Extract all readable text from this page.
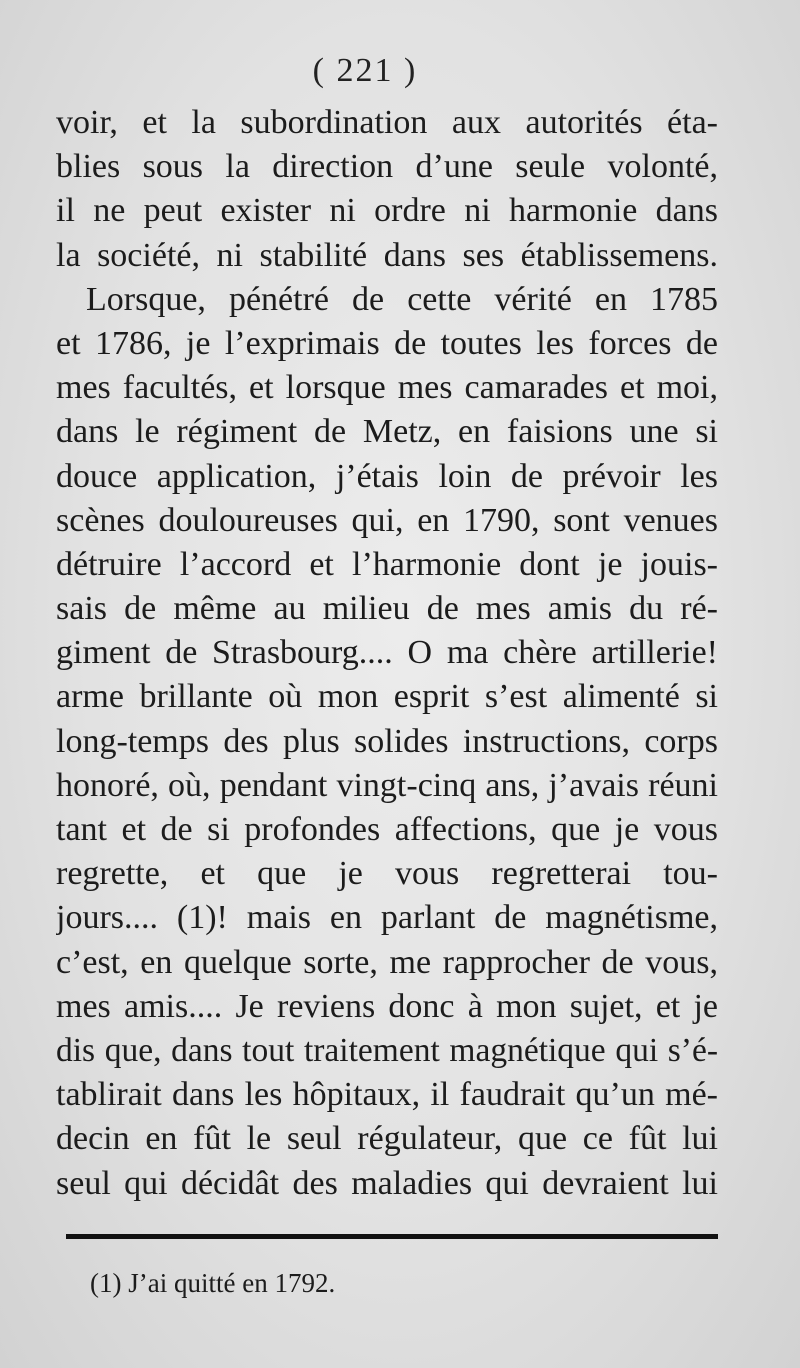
( 221 )
voir, et la subordination aux autorités éta-
blies sous la direction d’une seule volonté,
il ne peut exister ni ordre ni harmonie dans
la société, ni stabilité dans ses établissemens.
Lorsque, pénétré de cette vérité en 1785
et 1786, je l’exprimais de toutes les forces de
mes facultés, et lorsque mes camarades et moi,
dans le régiment de Metz, en faisions une si
douce application, j’étais loin de prévoir les
scènes douloureuses qui, en 1790, sont venues
détruire l’accord et l’harmonie dont je jouis-
sais de même au milieu de mes amis du ré-
giment de Strasbourg.... O ma chère artillerie!
arme brillante où mon esprit s’est alimenté si
long-temps des plus solides instructions, corps
honoré, où, pendant vingt-cinq ans, j’avais réuni
tant et de si profondes affections, que je vous
regrette, et que je vous regretterai tou-
jours.... (1)! mais en parlant de magnétisme,
c’est, en quelque sorte, me rapprocher de vous,
mes amis.... Je reviens donc à mon sujet, et je
dis que, dans tout traitement magnétique qui s’é-
tablirait dans les hôpitaux, il faudrait qu’un mé-
decin en fût le seul régulateur, que ce fût lui
seul qui décidât des maladies qui devraient lui
(1) J’ai quitté en 1792.
